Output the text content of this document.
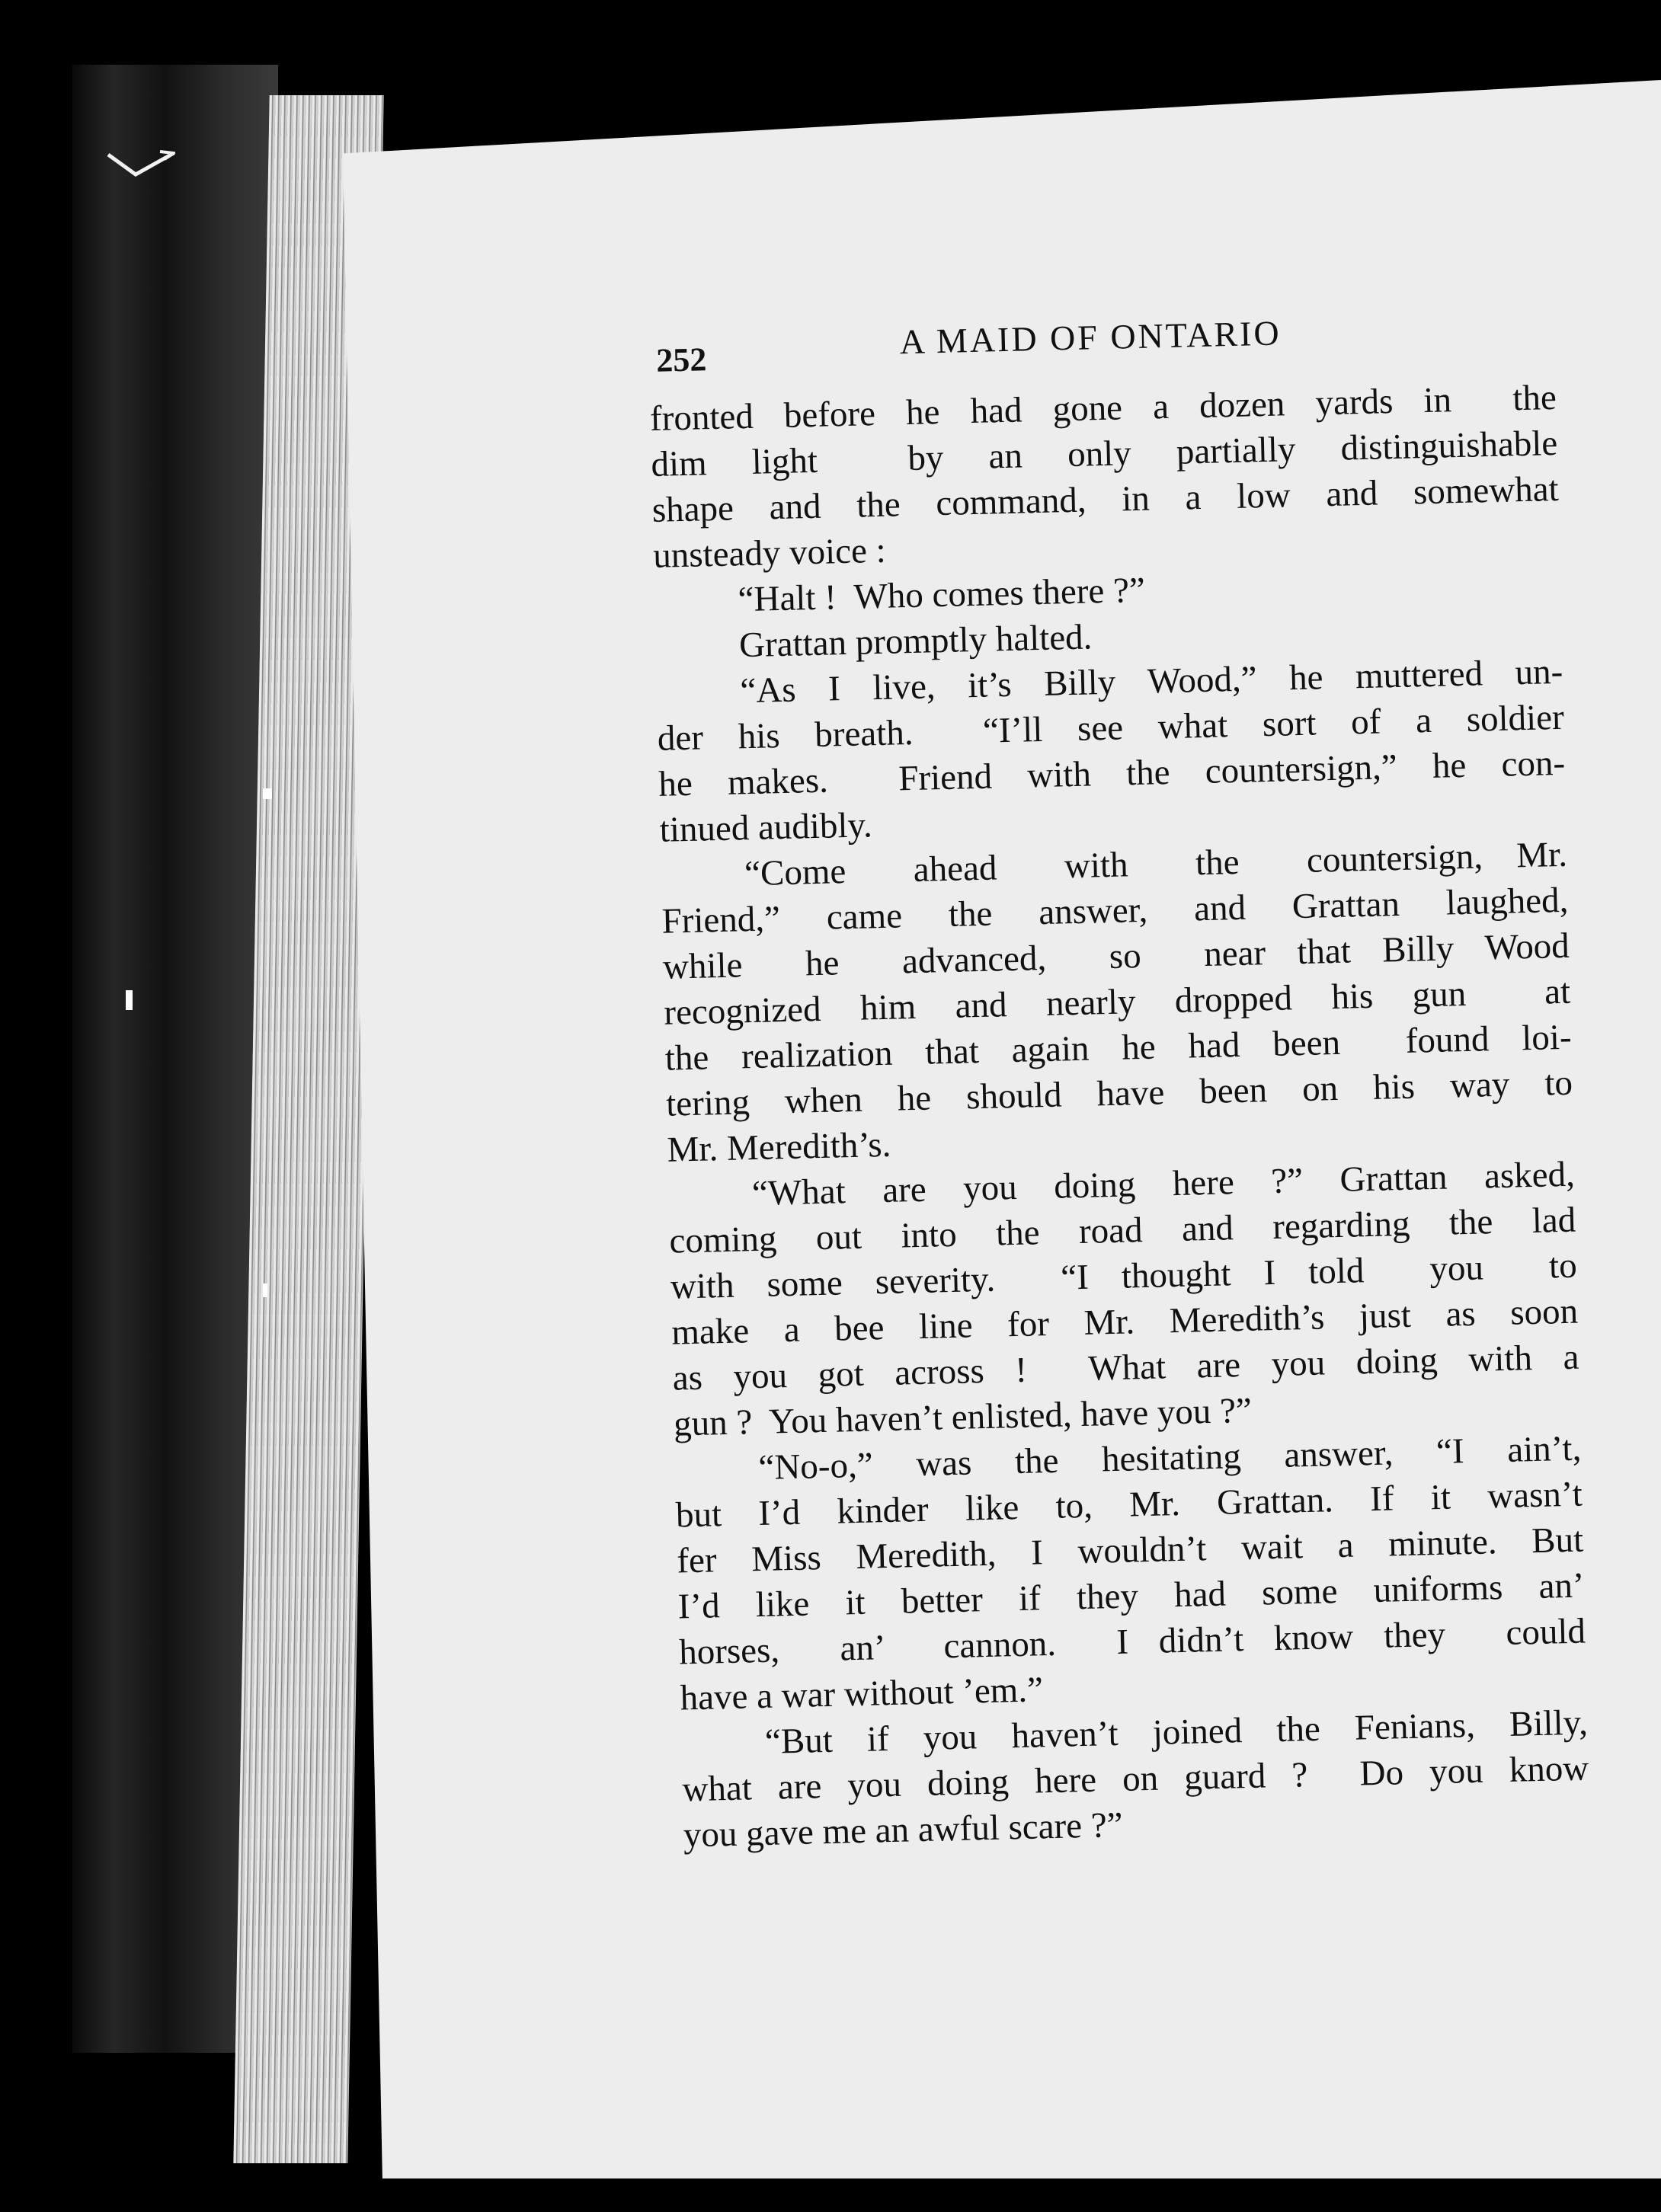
252	A MAID OF ONTARIO
fronted before he had gone a dozen yards in  the
dim light  by an only partially distinguishable
shape and the command, in a low and somewhat
unsteady voice :
“Halt !  Who comes there ?”
Grattan promptly halted.
“As I live, it’s Billy Wood,” he muttered un-
der his breath.  “I’ll see what sort of a soldier
he makes.  Friend with the countersign,” he con-
tinued audibly.
“Come  ahead  with  the  countersign, Mr.
Friend,” came the answer, and Grattan laughed,
while  he  advanced,  so  near that Billy Wood
recognized him and nearly dropped his gun  at
the realization that again he had been  found loi-
tering when he should have been on his way to
Mr. Meredith’s.
“What are you doing here ?” Grattan asked,
coming out into the road and regarding the lad
with some severity.  “I thought I told  you  to
make a bee line for Mr. Meredith’s just as soon
as you got across !  What are you doing with a
gun ?  You haven’t enlisted, have you ?”
“No-o,” was the hesitating answer, “I ain’t,
but I’d kinder like to, Mr. Grattan. If it wasn’t
fer Miss Meredith, I wouldn’t wait a minute. But
I’d like it better if they had some uniforms an’
horses,  an’  cannon.  I didn’t know they  could
have a war without ’em.”
“But if you haven’t joined the Fenians, Billy,
what are you doing here on guard ?  Do you know
you gave me an awful scare ?”
